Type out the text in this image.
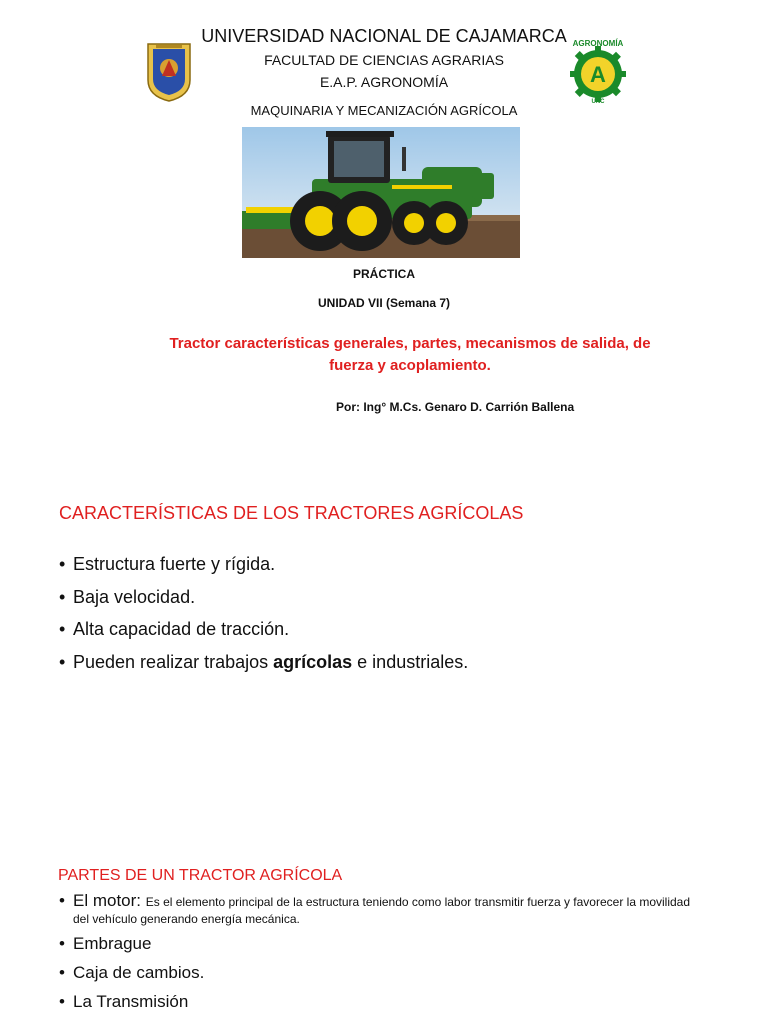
UNIVERSIDAD NACIONAL DE CAJAMARCA
FACULTAD DE CIENCIAS AGRARIAS
E.A.P. AGRONOMÍA
MAQUINARIA Y MECANIZACIÓN AGRÍCOLA
A
AGRONOMÍA
UNC
PRÁCTICA
UNIDAD VII (Semana 7)
Tractor características generales, partes, mecanismos de salida, de fuerza y acoplamiento.
Por: Ing° M.Cs. Genaro D. Carrión Ballena
CARACTERÍSTICAS DE LOS TRACTORES AGRÍCOLAS
• Estructura fuerte y rígida.
• Baja velocidad.
• Alta capacidad de tracción.
• Pueden realizar trabajos agrícolas e industriales.
PARTES DE UN TRACTOR AGRÍCOLA
• El motor: Es el elemento principal de la estructura teniendo como labor transmitir fuerza y favorecer la movilidad del vehículo generando energía mecánica.
• Embrague
• Caja de cambios.
• La Transmisión
